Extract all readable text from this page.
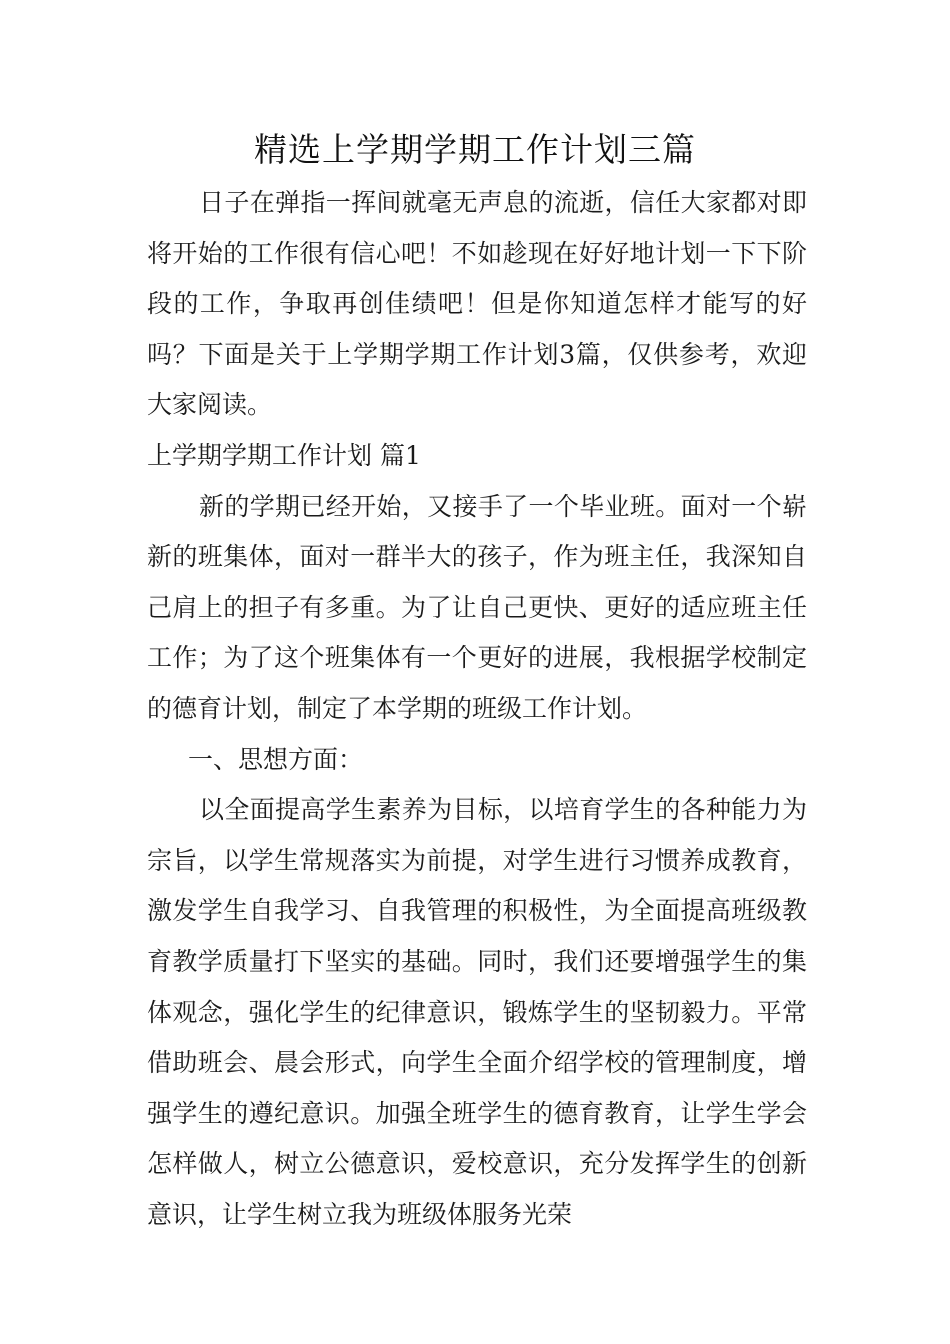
精选上学期学期工作计划三篇

日子在弹指一挥间就毫无声息的流逝，信任大家都对即将开始的工作很有信心吧！不如趁现在好好地计划一下下阶段的工作，争取再创佳绩吧！但是你知道怎样才能写的好吗？下面是关于上学期学期工作计划3篇，仅供参考，欢迎大家阅读。

上学期学期工作计划 篇1

新的学期已经开始，又接手了一个毕业班。面对一个崭新的班集体，面对一群半大的孩子，作为班主任，我深知自己肩上的担子有多重。为了让自己更快、更好的适应班主任工作；为了这个班集体有一个更好的进展，我根据学校制定的德育计划，制定了本学期的班级工作计划。

一、思想方面：

以全面提高学生素养为目标，以培育学生的各种能力为宗旨，以学生常规落实为前提，对学生进行习惯养成教育，激发学生自我学习、自我管理的积极性，为全面提高班级教育教学质量打下坚实的基础。同时，我们还要增强学生的集体观念，强化学生的纪律意识，锻炼学生的坚韧毅力。平常借助班会、晨会形式，向学生全面介绍学校的管理制度，增强学生的遵纪意识。加强全班学生的德育教育，让学生学会怎样做人，树立公德意识，爱校意识，充分发挥学生的创新意识，让学生树立我为班级体服务光荣
